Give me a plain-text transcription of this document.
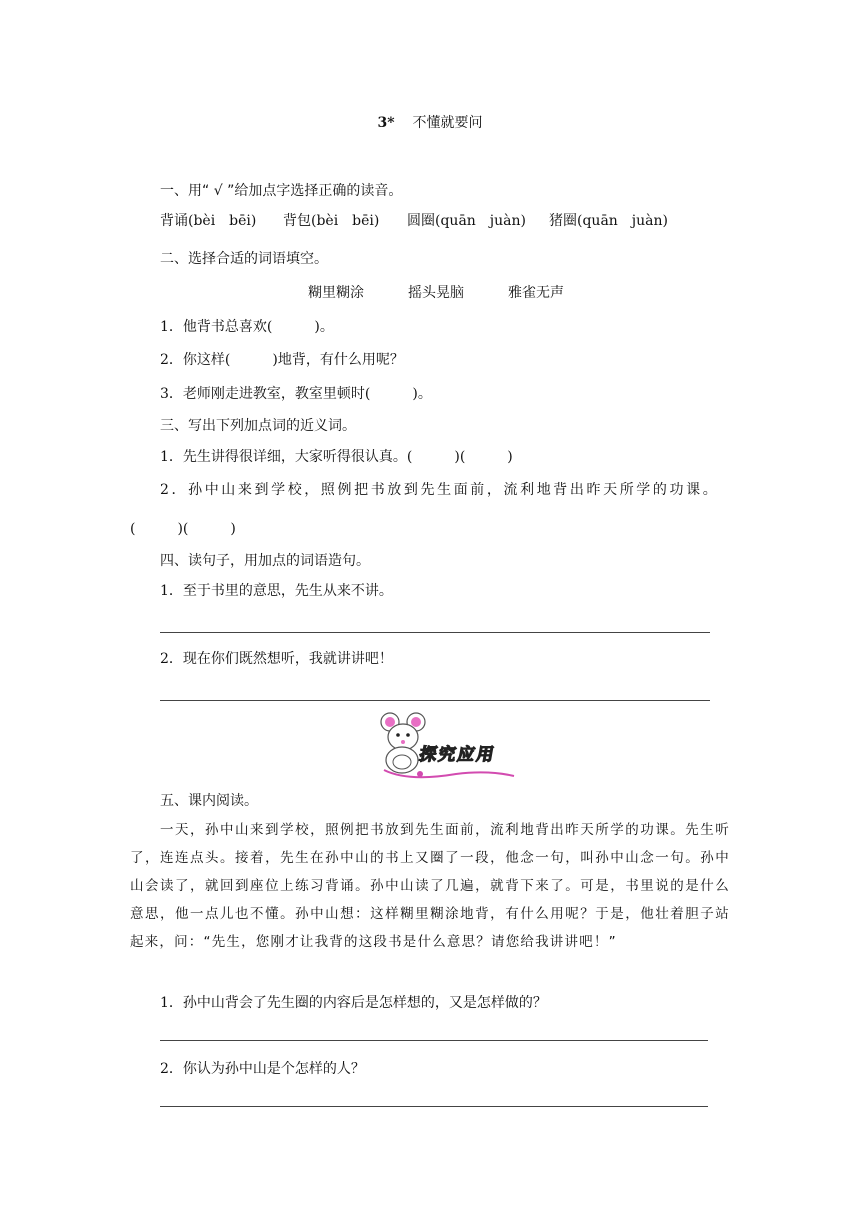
3* 不懂就要问
一、用“ √ ”给加点字选择正确的读音。
背诵(bèi　bēi) 背包(bèi　bēi) 圆圈(quān　juàn) 猪圈(quān　juàn)
二、选择合适的词语填空。
糊里糊涂	摇头晃脑	雅雀无声
1．他背书总喜欢(　　　)。
2．你这样(　　　)地背，有什么用呢？
3．老师刚走进教室，教室里顿时(　　　)。
三、写出下列加点词的近义词。
1．先生讲得很详细，大家听得很认真。(　　　)(　　　)
2．孙中山来到学校，照例把书放到先生面前，流利地背出昨天所学的功课。
(　　　)(　　　)
四、读句子，用加点的词语造句。
1．至于书里的意思，先生从来不讲。
2．现在你们既然想听，我就讲讲吧！
探究应用
五、课内阅读。
一天，孙中山来到学校，照例把书放到先生面前，流利地背出昨天所学的功课。先生听了，连连点头。接着，先生在孙中山的书上又圈了一段，他念一句，叫孙中山念一句。孙中山会读了，就回到座位上练习背诵。孙中山读了几遍，就背下来了。可是，书里说的是什么意思，他一点儿也不懂。孙中山想：这样糊里糊涂地背，有什么用呢？于是，他壮着胆子站起来，问：“先生，您刚才让我背的这段书是什么意思？请您给我讲讲吧！”
1．孙中山背会了先生圈的内容后是怎样想的，又是怎样做的？
2．你认为孙中山是个怎样的人？
